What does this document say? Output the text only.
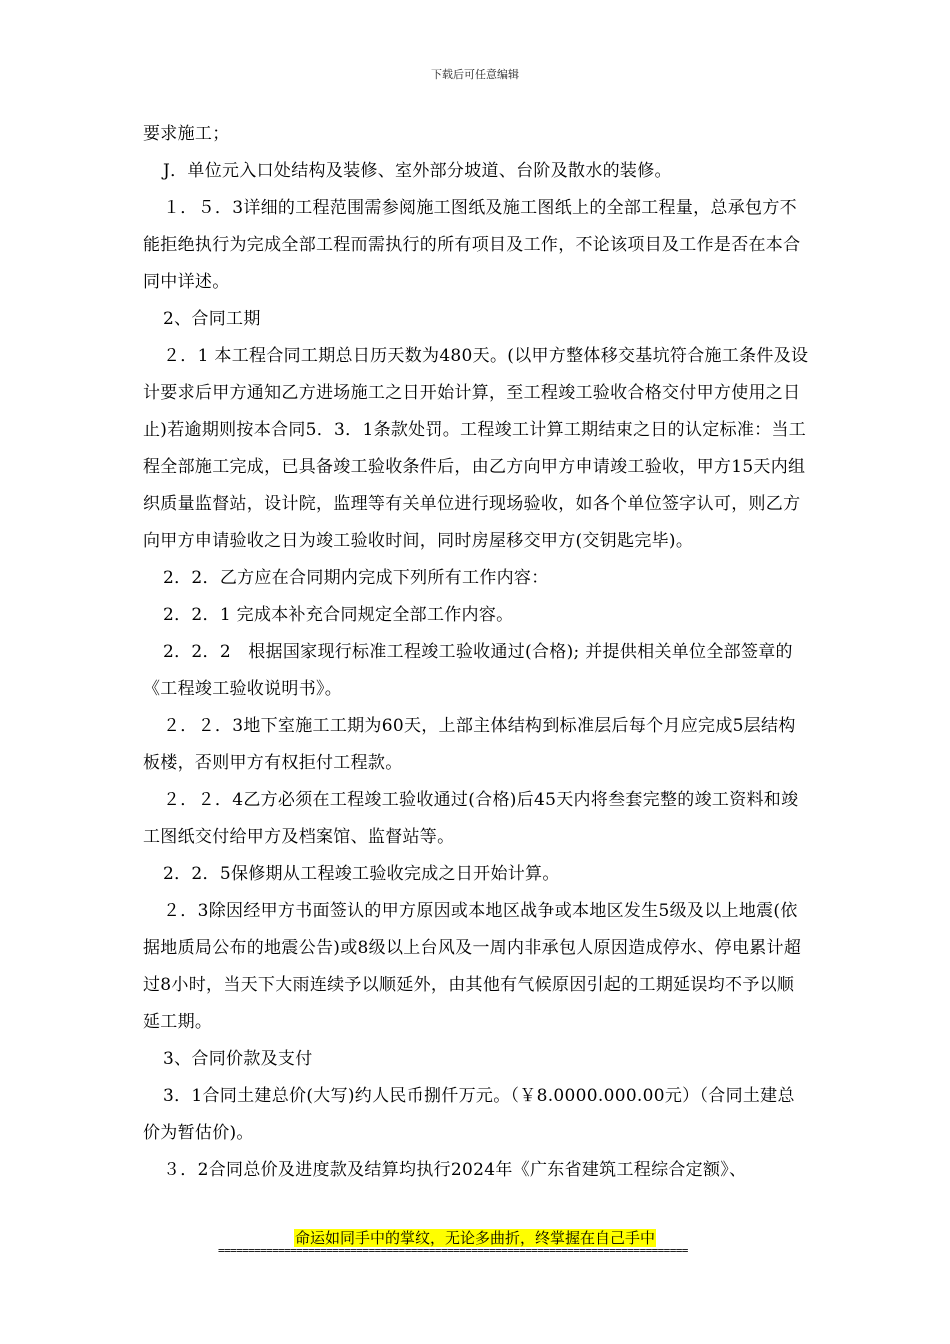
下载后可任意编辑

要求施工；

J．单位元入口处结构及装修、室外部分坡道、台阶及散水的装修。

１．５．3详细的工程范围需参阅施工图纸及施工图纸上的全部工程量，总承包方不能拒绝执行为完成全部工程而需执行的所有项目及工作，不论该项目及工作是否在本合同中详述。

2、合同工期

２．1 本工程合同工期总日历天数为480天。(以甲方整体移交基坑符合施工条件及设计要求后甲方通知乙方进场施工之日开始计算，至工程竣工验收合格交付甲方使用之日止)若逾期则按本合同5．3．1条款处罚。工程竣工计算工期结束之日的认定标准：当工程全部施工完成，已具备竣工验收条件后，由乙方向甲方申请竣工验收，甲方15天内组织质量监督站，设计院，监理等有关单位进行现场验收，如各个单位签字认可，则乙方向甲方申请验收之日为竣工验收时间，同时房屋移交甲方(交钥匙完毕)。

2．2．乙方应在合同期内完成下列所有工作内容：

2．2．1 完成本补充合同规定全部工作内容。

2．2．2　根据国家现行标准工程竣工验收通过(合格); 并提供相关单位全部签章的《工程竣工验收说明书》。

２．２．3地下室施工工期为60天，上部主体结构到标准层后每个月应完成5层结构板楼，否则甲方有权拒付工程款。

２．２．4乙方必须在工程竣工验收通过(合格)后45天内将叁套完整的竣工资料和竣工图纸交付给甲方及档案馆、监督站等。

2．2．5保修期从工程竣工验收完成之日开始计算。

２．3除因经甲方书面签认的甲方原因或本地区战争或本地区发生5级及以上地震(依据地质局公布的地震公告)或8级以上台风及一周内非承包人原因造成停水、停电累计超过8小时，当天下大雨连续予以顺延外，由其他有气候原因引起的工期延误均不予以顺延工期。

3、合同价款及支付

3．1合同土建总价(大写)约人民币捌仟万元。（￥8.0000.000.00元）（合同土建总价为暂估价)。

３．2合同总价及进度款及结算均执行2024年《广东省建筑工程综合定额》、

命运如同手中的掌纹，无论多曲折，终掌握在自己手中
==============================================================================
